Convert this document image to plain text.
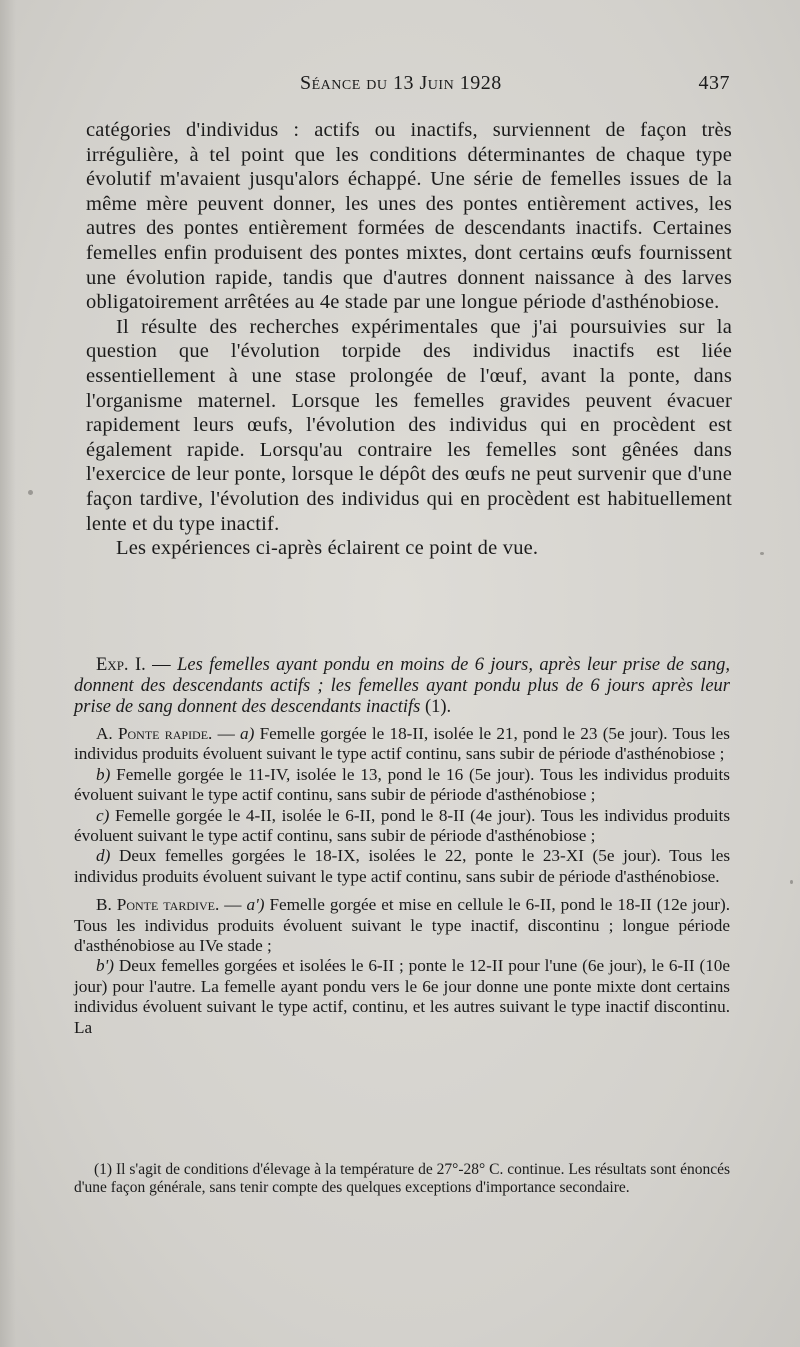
Séance du 13 Juin 1928	437

catégories d'individus : actifs ou inactifs, surviennent de façon très irrégulière, à tel point que les conditions déterminantes de chaque type évolutif m'avaient jusqu'alors échappé. Une série de femelles issues de la même mère peuvent donner, les unes des pontes entièrement actives, les autres des pontes entièrement formées de descendants inactifs. Certaines femelles enfin produisent des pontes mixtes, dont certains œufs fournissent une évolution rapide, tandis que d'autres donnent naissance à des larves obligatoirement arrêtées au 4e stade par une longue période d'asthénobiose.

Il résulte des recherches expérimentales que j'ai poursuivies sur la question que l'évolution torpide des individus inactifs est liée essentiellement à une stase prolongée de l'œuf, avant la ponte, dans l'organisme maternel. Lorsque les femelles gravides peuvent évacuer rapidement leurs œufs, l'évolution des individus qui en procèdent est également rapide. Lorsqu'au contraire les femelles sont gênées dans l'exercice de leur ponte, lorsque le dépôt des œufs ne peut survenir que d'une façon tardive, l'évolution des individus qui en procèdent est habituellement lente et du type inactif.

Les expériences ci-après éclairent ce point de vue.

Exp. I. — Les femelles ayant pondu en moins de 6 jours, après leur prise de sang, donnent des descendants actifs ; les femelles ayant pondu plus de 6 jours après leur prise de sang donnent des descendants inactifs (1).

A. Ponte rapide. — a) Femelle gorgée le 18-II, isolée le 21, pond le 23 (5e jour). Tous les individus produits évoluent suivant le type actif continu, sans subir de période d'asthénobiose ;

b) Femelle gorgée le 11-IV, isolée le 13, pond le 16 (5e jour). Tous les individus produits évoluent suivant le type actif continu, sans subir de période d'asthénobiose ;

c) Femelle gorgée le 4-II, isolée le 6-II, pond le 8-II (4e jour). Tous les individus produits évoluent suivant le type actif continu, sans subir de période d'asthénobiose ;

d) Deux femelles gorgées le 18-IX, isolées le 22, ponte le 23-XI (5e jour). Tous les individus produits évoluent suivant le type actif continu, sans subir de période d'asthénobiose.

B. Ponte tardive. — a') Femelle gorgée et mise en cellule le 6-II, pond le 18-II (12e jour). Tous les individus produits évoluent suivant le type inactif, discontinu ; longue période d'asthénobiose au IVe stade ;

b') Deux femelles gorgées et isolées le 6-II ; ponte le 12-II pour l'une (6e jour), le 6-II (10e jour) pour l'autre. La femelle ayant pondu vers le 6e jour donne une ponte mixte dont certains individus évoluent suivant le type actif, continu, et les autres suivant le type inactif discontinu. La

(1) Il s'agit de conditions d'élevage à la température de 27°-28° C. continue. Les résultats sont énoncés d'une façon générale, sans tenir compte des quelques exceptions d'importance secondaire.
